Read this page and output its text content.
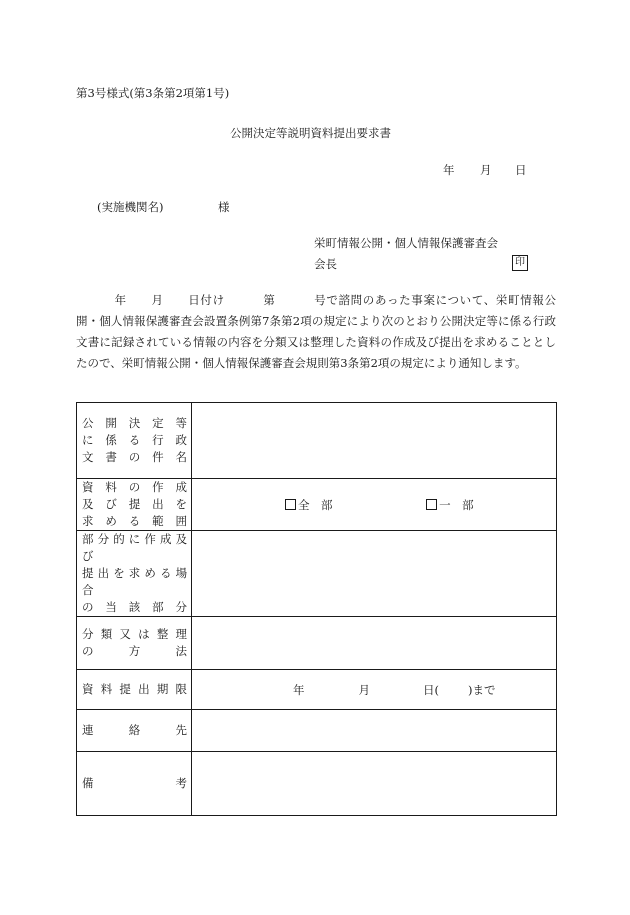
第3号様式(第3条第2項第1号)
公開決定等説明資料提出要求書
年 月 日
(実施機関名)	様
栄町情報公開・個人情報保護審査会
会長	印
年 月 日付け	第	号で諮問のあった事案について、栄町情報公開・個人情報保護審査会設置条例第7条第2項の規定により次のとおり公開決定等に係る行政文書に記録されている情報の内容を分類又は整理した資料の作成及び提出を求めることとしたので、栄町情報公開・個人情報保護審査会規則第3条第2項の規定により通知します。
公 開 決 定 等
に 係 る 行 政
文 書 の 件 名	

資 料 の 作 成
及 び 提 出 を
求 め る 範 囲	全　部 一　部

部 分 的 に 作 成 及 び
提 出 を 求 め る 場 合
の 当 該 部 分	

分 類 又 は 整 理
の 方 法	

資 料 提 出 期 限	年 月 日( )まで

連 絡 先	

備 考	
